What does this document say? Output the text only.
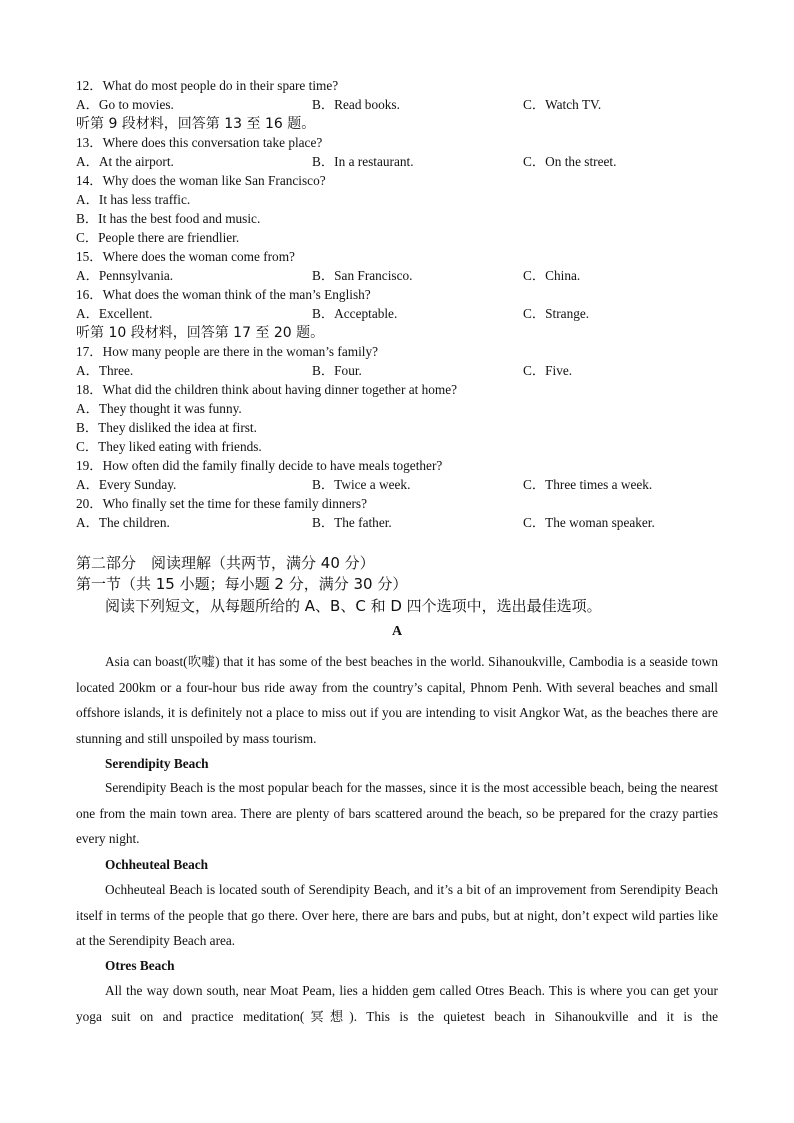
12．What do most people do in their spare time?
A．Go to movies.	B．Read books.	C．Watch TV.
听第 9 段材料，回答第 13 至 16 题。
13．Where does this conversation take place?
A．At the airport.	B．In a restaurant.	C．On the street.
14．Why does the woman like San Francisco?
A．It has less traffic.
B．It has the best food and music.
C．People there are friendlier.
15．Where does the woman come from?
A．Pennsylvania.	B．San Francisco.	C．China.
16．What does the woman think of the man’s English?
A．Excellent.	B．Acceptable.	C．Strange.
听第 10 段材料，回答第 17 至 20 题。
17．How many people are there in the woman’s family?
A．Three.	B．Four.	C．Five.
18．What did the children think about having dinner together at home?
A．They thought it was funny.
B．They disliked the idea at first.
C．They liked eating with friends.
19．How often did the family finally decide to have meals together?
A．Every Sunday.	B．Twice a week.	C．Three times a week.
20．Who finally set the time for these family dinners?
A．The children.	B．The father.	C．The woman speaker.
第二部分　阅读理解（共两节，满分 40 分）
第一节（共 15 小题；每小题 2 分，满分 30 分）
阅读下列短文，从每题所给的 A、B、C 和 D 四个选项中，选出最佳选项。
A

Asia can boast(吹嘘) that it has some of the best beaches in the world. Sihanoukville, Cambodia is a seaside town located 200km or a four-hour bus ride away from the country’s capital, Phnom Penh. With several beaches and small offshore islands, it is definitely not a place to miss out if you are intending to visit Angkor Wat, as the beaches there are stunning and still unspoiled by mass tourism.

Serendipity Beach

Serendipity Beach is the most popular beach for the masses, since it is the most accessible beach, being the nearest one from the main town area. There are plenty of bars scattered around the beach, so be prepared for the crazy parties every night.

Ochheuteal Beach

Ochheuteal Beach is located south of Serendipity Beach, and it’s a bit of an improvement from Serendipity Beach itself in terms of the people that go there. Over here, there are bars and pubs, but at night, don’t expect wild parties like at the Serendipity Beach area.

Otres Beach

All the way down south, near Moat Peam, lies a hidden gem called Otres Beach. This is where you can get your yoga suit on and practice meditation(冥想). This is the quietest beach in Sihanoukville and it is the
